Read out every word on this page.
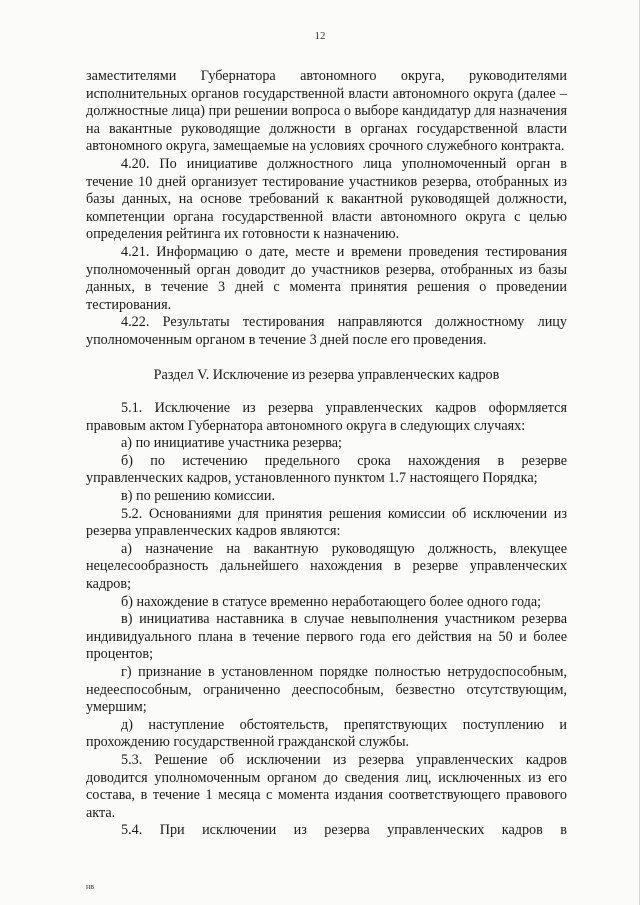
12

заместителями Губернатора автономного округа, руководителями исполнительных органов государственной власти автономного округа (далее – должностные лица) при решении вопроса о выборе кандидатур для назначения на вакантные руководящие должности в органах государственной власти автономного округа, замещаемые на условиях срочного служебного контракта.

4.20. По инициативе должностного лица уполномоченный орган в течение 10 дней организует тестирование участников резерва, отобранных из базы данных, на основе требований к вакантной руководящей должности, компетенции органа государственной власти автономного округа с целью определения рейтинга их готовности к назначению.

4.21. Информацию о дате, месте и времени проведения тестирования уполномоченный орган доводит до участников резерва, отобранных из базы данных, в течение 3 дней с момента принятия решения о проведении тестирования.

4.22. Результаты тестирования направляются должностному лицу уполномоченным органом в течение 3 дней после его проведения.

Раздел V. Исключение из резерва управленческих кадров

5.1. Исключение из резерва управленческих кадров оформляется правовым актом Губернатора автономного округа в следующих случаях:

а) по инициативе участника резерва;

б) по истечению предельного срока нахождения в резерве управленческих кадров, установленного пунктом 1.7 настоящего Порядка;

в) по решению комиссии.

5.2. Основаниями для принятия решения комиссии об исключении из резерва управленческих кадров являются:

а) назначение на вакантную руководящую должность, влекущее нецелесообразность дальнейшего нахождения в резерве управленческих кадров;

б) нахождение в статусе временно неработающего более одного года;

в) инициатива наставника в случае невыполнения участником резерва индивидуального плана в течение первого года его действия на 50 и более процентов;

г) признание в установленном порядке полностью нетрудоспособным, недееспособным, ограниченно дееспособным, безвестно отсутствующим, умершим;

д) наступление обстоятельств, препятствующих поступлению и прохождению государственной гражданской службы.

5.3. Решение об исключении из резерва управленческих кадров доводится уполномоченным органом до сведения лиц, исключенных из его состава, в течение 1 месяца с момента издания соответствующего правового акта.

5.4. При исключении из резерва управленческих кадров в

нв
